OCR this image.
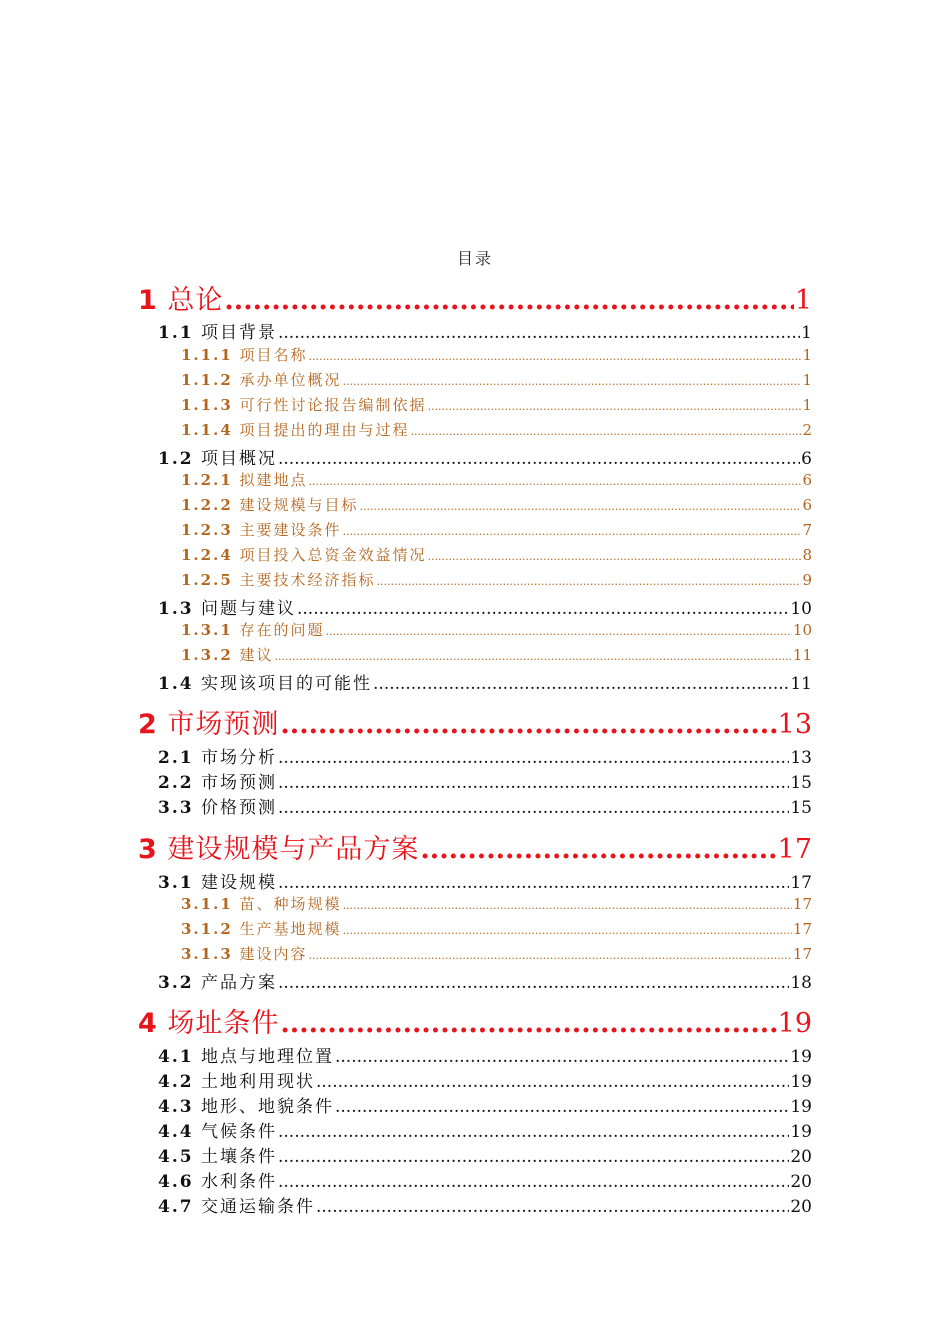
目录
1 总论 .....	1
1.1 项目背景 .....	1
1.1.1 项目名称 .....	1
1.1.2 承办单位概况 .....	1
1.1.3 可行性讨论报告编制依据 .....	1
1.1.4 项目提出的理由与过程 .....	2
1.2 项目概况 .....	6
1.2.1 拟建地点 .....	6
1.2.2 建设规模与目标 .....	6
1.2.3 主要建设条件 .....	7
1.2.4 项目投入总资金效益情况 .....	8
1.2.5 主要技术经济指标 .....	9
1.3 问题与建议 .....	10
1.3.1 存在的问题 .....	10
1.3.2 建议 .....	11
1.4 实现该项目的可能性 .....	11
2 市场预测 .....	13
2.1 市场分析 .....	13
2.2 市场预测 .....	15
3.3 价格预测 .....	15
3 建设规模与产品方案 .....	17
3.1 建设规模 .....	17
3.1.1 苗、种场规模 .....	17
3.1.2 生产基地规模 .....	17
3.1.3 建设内容 .....	17
3.2 产品方案 .....	18
4 场址条件 .....	19
4.1 地点与地理位置 .....	19
4.2 土地利用现状 .....	19
4.3 地形、地貌条件 .....	19
4.4 气候条件 .....	19
4.5 土壤条件 .....	20
4.6 水利条件 .....	20
4.7 交通运输条件 .....	20
